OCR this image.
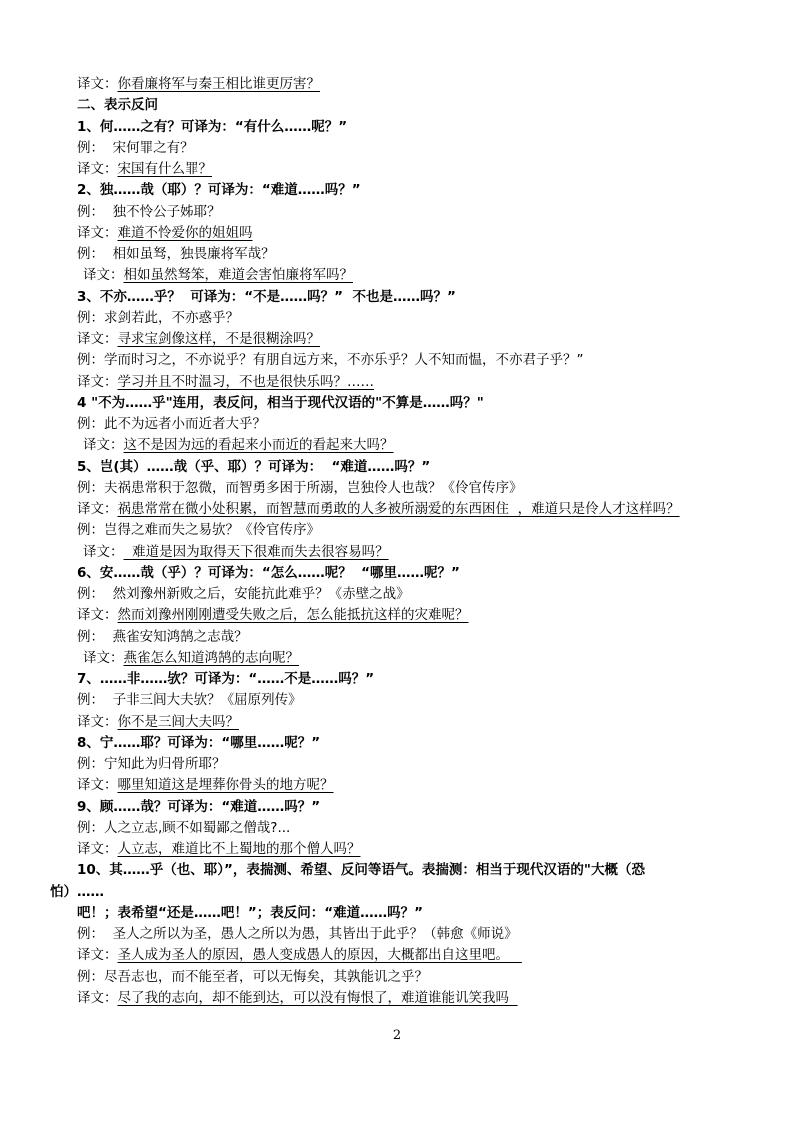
译文：你看廉将军与秦王相比谁更厉害？
二、表示反问
1、何……之有？可译为：“有什么……呢？”
例：  宋何罪之有？
译文：宋国有什么罪？
2、独……哉（耶）？可译为：“难道……吗？”
例：  独不怜公子姊耶？
译文：难道不怜爱你的姐姐吗
例：  相如虽驽，独畏廉将军哉？
译文：相如虽然驽笨，难道会害怕廉将军吗？
3、不亦……乎？  可译为：“不是……吗？”  不也是……吗？”
例：求剑若此，不亦惑乎？
译文：寻求宝剑像这样，不是很糊涂吗？
例：学而时习之，不亦说乎？有朋自远方来，不亦乐乎？人不知而愠，不亦君子乎？”
译文：学习并且不时温习，不也是很快乐吗？……
4 "不为……乎"连用，表反问，相当于现代汉语的"不算是……吗？"
例：此不为远者小而近者大乎？
译文：这不是因为远的看起来小而近的看起来大吗？
5、岂(其）……哉（乎、耶）？可译为：  “难道……吗？”
例：夫祸患常积于忽微，而智勇多困于所溺，岂独伶人也哉？《伶官传序》
译文：祸患常常在微小处积累，而智慧而勇敢的人多被所溺爱的东西困住  ，难道只是伶人才这样吗？
例：岂得之难而失之易欤？《伶官传序》
译文：  难道是因为取得天下很难而失去很容易吗？
6、安……哉（乎）？可译为：“怎么……呢？  “哪里……呢？”
例：  然刘豫州新败之后，安能抗此难乎？《赤壁之战》
译文：然而刘豫州刚刚遭受失败之后，怎么能抵抗这样的灾难呢？
例：  燕雀安知鸿鹄之志哉？
译文：燕雀怎么知道鸿鹄的志向呢？
7、……非……欤？可译为：“……不是……吗？”
例：  子非三闾大夫欤？《屈原列传》
译文：你不是三闾大夫吗？
8、宁……耶？可译为：“哪里……呢？”
例：宁知此为归骨所耶？
译文：哪里知道这是埋葬你骨头的地方呢？
9、顾……哉？可译为：“难道……吗？”
例：人之立志,顾不如蜀鄙之僧哉?...
译文：人立志，难道比不上蜀地的那个僧人吗？
10、其……乎（也、耶）”，表揣测、希望、反问等语气。表揣测：相当于现代汉语的"大概（恐
怕）……
吧！；表希望“还是……吧！”；表反问：“难道……吗？”
例：  圣人之所以为圣，愚人之所以为愚，其皆出于此乎？（韩愈《师说》
译文：圣人成为圣人的原因，愚人变成愚人的原因，大概都出自这里吧。
例：尽吾志也，而不能至者，可以无悔矣，其孰能讥之乎？
译文：尽了我的志向，却不能到达，可以没有悔恨了，难道谁能讥笑我吗
2
